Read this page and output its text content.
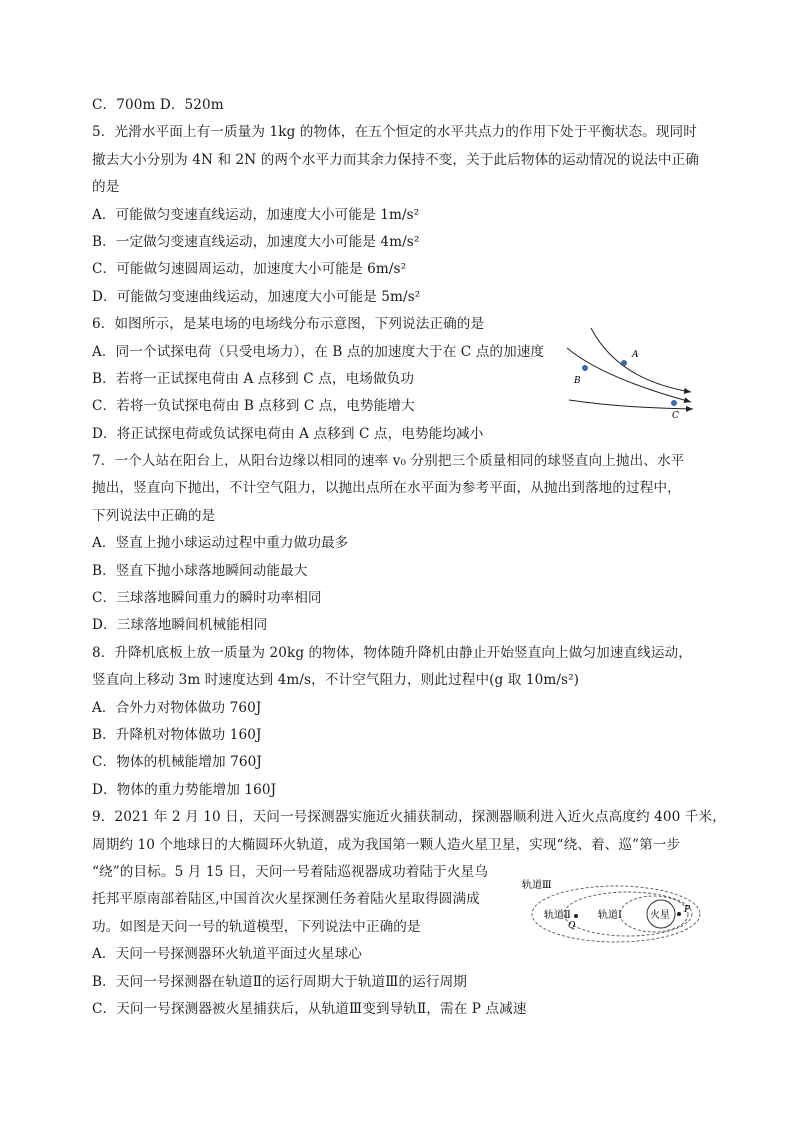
C．700m D．520m
5．光滑水平面上有一质量为 1kg 的物体，在五个恒定的水平共点力的作用下处于平衡状态。现同时
撤去大小分别为 4N 和 2N 的两个水平力而其余力保持不变，关于此后物体的运动情况的说法中正确
的是
A．可能做匀变速直线运动，加速度大小可能是 1m/s²
B．一定做匀变速直线运动，加速度大小可能是 4m/s²
C．可能做匀速圆周运动，加速度大小可能是 6m/s²
D．可能做匀变速曲线运动，加速度大小可能是 5m/s²
6．如图所示，是某电场的电场线分布示意图，下列说法正确的是
A．同一个试探电荷（只受电场力），在 B 点的加速度大于在 C 点的加速度
B．若将一正试探电荷由 A 点移到 C 点，电场做负功
C．若将一负试探电荷由 B 点移到 C 点，电势能增大
D．将正试探电荷或负试探电荷由 A 点移到 C 点，电势能均减小
7．一个人站在阳台上，从阳台边缘以相同的速率 v₀ 分别把三个质量相同的球竖直向上抛出、水平
抛出，竖直向下抛出，不计空气阻力，以抛出点所在水平面为参考平面，从抛出到落地的过程中，
下列说法中正确的是
A．竖直上抛小球运动过程中重力做功最多
B．竖直下抛小球落地瞬间动能最大
C．三球落地瞬间重力的瞬时功率相同
D．三球落地瞬间机械能相同
8．升降机底板上放一质量为 20kg 的物体，物体随升降机由静止开始竖直向上做匀加速直线运动，
竖直向上移动 3m 时速度达到 4m/s，不计空气阻力，则此过程中(g 取 10m/s²)
A．合外力对物体做功 760J
B．升降机对物体做功 160J
C．物体的机械能增加 760J
D．物体的重力势能增加 160J
9．2021 年 2 月 10 日，天问一号探测器实施近火捕获制动，探测器顺利进入近火点高度约 400 千米，
周期约 10 个地球日的大椭圆环火轨道，成为我国第一颗人造火星卫星，实现“绕、着、巡”第一步
“绕”的目标。5 月 15 日，天问一号着陆巡视器成功着陆于火星乌
托邦平原南部着陆区,中国首次火星探测任务着陆火星取得圆满成
功。如图是天问一号的轨道模型，下列说法中正确的是
A．天问一号探测器环火轨道平面过火星球心
B．天问一号探测器在轨道Ⅱ的运行周期大于轨道Ⅲ的运行周期
C．天问一号探测器被火星捕获后，从轨道Ⅲ变到导轨Ⅱ，需在 P 点减速
A
B
C
轨道Ⅲ
轨道Ⅱ	轨道Ⅰ	火星
Q
P
